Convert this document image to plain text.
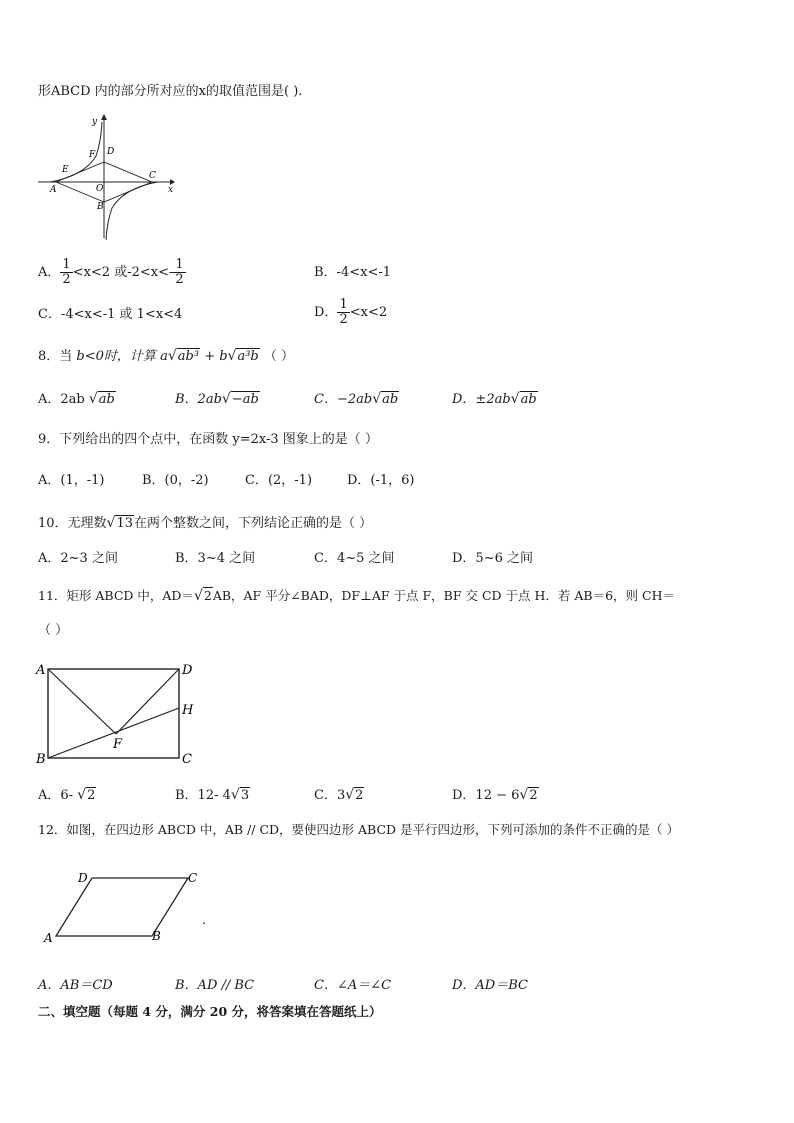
形ABCD 内的部分所对应的x的取值范围是( ).
y
x
O
A
B
C
D
E
F
A． $\frac{1}{2} <x<2$ 或$-2<x<- \frac{1}{2}$	B．-4<x<-1
C．-4<x<-1 或 1<x<4	D． $\frac{1}{2} <x<2$
8．当 b<0时，计算 a√ab³ + b√a³b （ ）
A．2ab √ab	B．2ab√−ab	C．−2ab√ab	D．±2ab√ab
9．下列给出的四个点中，在函数 y=2x-3 图象上的是（ ）
A．(1，-1)	B．(0，-2)	C．(2，-1)	D．(-1，6)
10．无理数√13在两个整数之间，下列结论正确的是（ ）
A．2~3 之间	B．3~4 之间	C．4~5 之间	D．5~6 之间
11．矩形 ABCD 中，AD＝√2AB，AF 平分∠BAD，DF⊥AF 于点 F，BF 交 CD 于点 H．若 AB＝6，则 CH＝
（ ）
A
B	C
D
F
H
A．6- √2	B．12- 4√3	C．3√2	D．12 − 6√2
12．如图，在四边形 ABCD 中，AB // CD，要使四边形 ABCD 是平行四边形，下列可添加的条件不正确的是（ ）
A	B
C
D
.
A．AB＝CD	B．AD // BC	C．∠A＝∠C	D．AD＝BC
二、填空题（每题 4 分，满分 20 分，将答案填在答题纸上）
